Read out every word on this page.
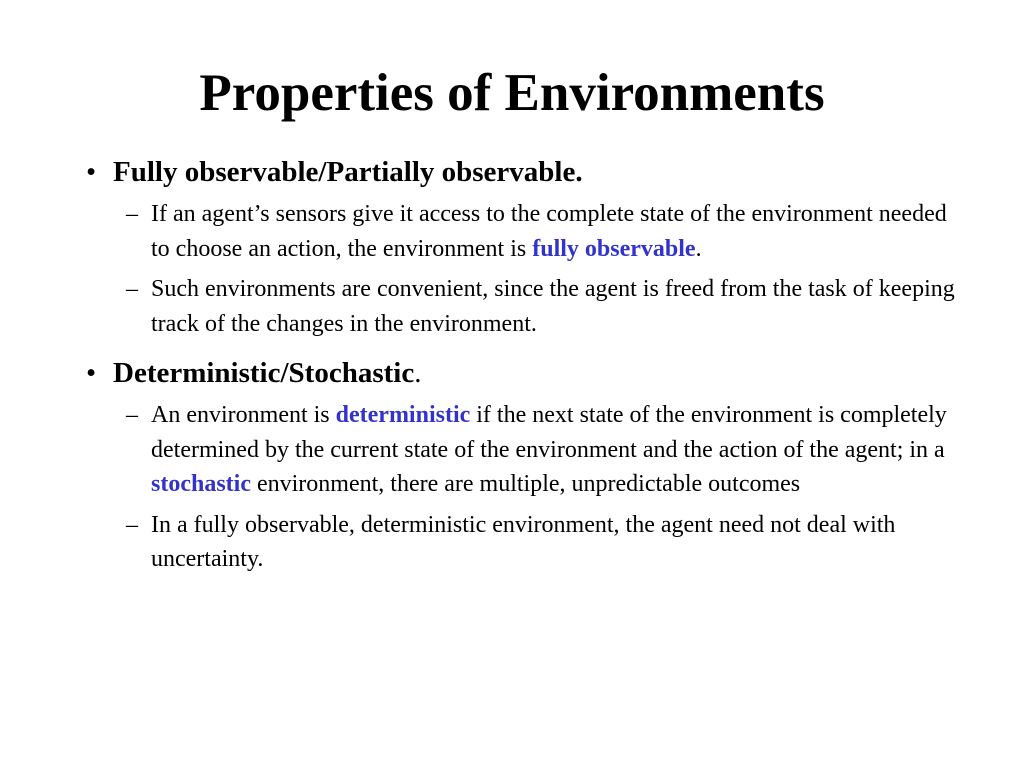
Properties of Environments
• Fully observable/Partially observable.
– If an agent’s sensors give it access to the complete state of the environment needed to choose an action, the environment is fully observable.
– Such environments are convenient, since the agent is freed from the task of keeping track of the changes in the environment.
• Deterministic/Stochastic.
– An environment is deterministic if the next state of the environment is completely determined by the current state of the environment and the action of the agent; in a stochastic environment, there are multiple, unpredictable outcomes
– In a fully observable, deterministic environment, the agent need not deal with uncertainty.
